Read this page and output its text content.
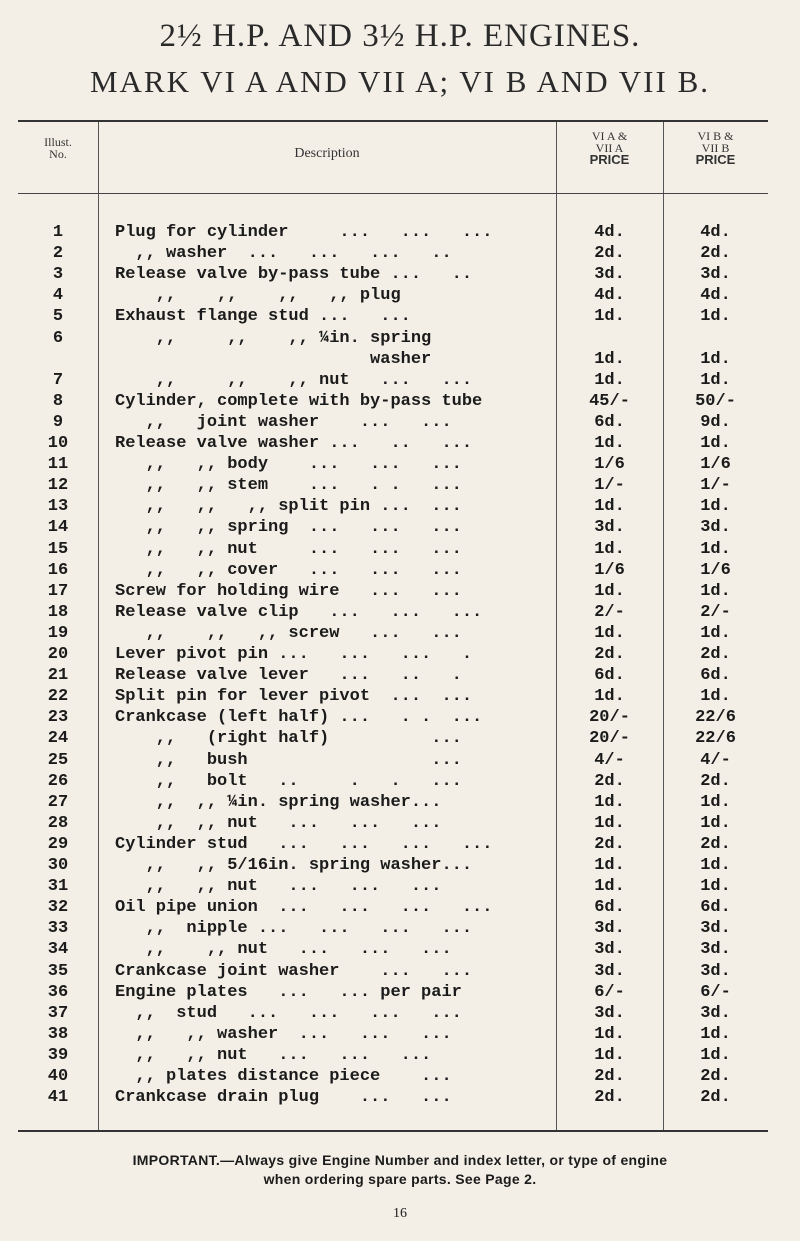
2½ H.P. AND 3½ H.P. ENGINES.
MARK VI A AND VII A; VI B AND VII B.
Illust.
No.	Description
VI A &
VII A
PRICE
VI B &
VII B
PRICE
1	Plug for cylinder     ...   ...   ...	4d.	4d.
2	,, washer  ...   ...   ...   ..	2d.	2d.
3	Release valve by-pass tube ...   ..	3d.	3d.
4	,,    ,,    ,,   ,, plug	4d.	4d.
5	Exhaust flange stud ...   ...	1d.	1d.
6	,,     ,,    ,, ¼in. spring
washer	1d.	1d.
7	,,     ,,    ,, nut   ...   ...	1d.	1d.
8	Cylinder, complete with by-pass tube	45/-	50/-
9	,,   joint washer    ...   ...	6d.	9d.
10	Release valve washer ...   ..   ...	1d.	1d.
11	,,   ,, body    ...   ...   ...	1/6	1/6
12	,,   ,, stem    ...   . .   ...	1/-	1/-
13	,,   ,,   ,, split pin ...  ...	1d.	1d.
14	,,   ,, spring  ...   ...   ...	3d.	3d.
15	,,   ,, nut     ...   ...   ...	1d.	1d.
16	,,   ,, cover   ...   ...   ...	1/6	1/6
17	Screw for holding wire   ...   ...	1d.	1d.
18	Release valve clip   ...   ...   ...	2/-	2/-
19	,,    ,,   ,, screw   ...   ...	1d.	1d.
20	Lever pivot pin ...   ...   ...   .	2d.	2d.
21	Release valve lever   ...   ..   .	6d.	6d.
22	Split pin for lever pivot  ...  ...	1d.	1d.
23	Crankcase (left half) ...   . .  ...	20/-	22/6
24	,,   (right half)          ...	20/-	22/6
25	,,   bush                  ...	4/-	4/-
26	,,   bolt   ..     .   .   ...	2d.	2d.
27	,,  ,, ¼in. spring washer...	1d.	1d.
28	,,  ,, nut   ...   ...   ...	1d.	1d.
29	Cylinder stud   ...   ...   ...   ...	2d.	2d.
30	,,   ,, 5/16in. spring washer...	1d.	1d.
31	,,   ,, nut   ...   ...   ...	1d.	1d.
32	Oil pipe union  ...   ...   ...   ...	6d.	6d.
33	,,  nipple ...   ...   ...   ...	3d.	3d.
34	,,    ,, nut   ...   ...   ...	3d.	3d.
35	Crankcase joint washer    ...   ...	3d.	3d.
36	Engine plates   ...   ... per pair	6/-	6/-
37	,,  stud   ...   ...   ...   ...	3d.	3d.
38	,,   ,, washer  ...   ...   ...	1d.	1d.
39	,,   ,, nut   ...   ...   ...	1d.	1d.
40	,, plates distance piece    ...	2d.	2d.
41	Crankcase drain plug    ...   ...	2d.	2d.
IMPORTANT.—Always give Engine Number and index letter, or type of engine
when ordering spare parts. See Page 2.
16
